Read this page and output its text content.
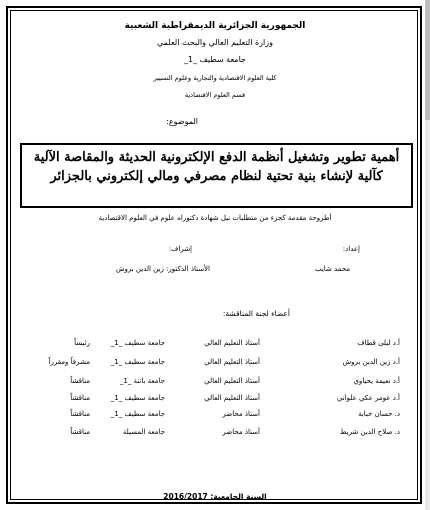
الجمهورية الجزائرية الديمقراطية الشعبية
وزارة التعليم العالي والبحث العلمي
جامعة سطيف _1_
كلية العلوم الاقتصادية والتجارية وعلوم التسيير
قسم العلوم الاقتصادية
الموضوع:
أهمية تطوير وتشغيل أنظمة الدفع الإلكترونية الحديثة والمقاصة الآلية كآلية لإنشاء بنية تحتية لنظام مصرفي ومالي إلكتروني بالجزائر
أطروحة مقدمة كجزء من متطلبات نيل شهادة دكتوراه علوم في العلوم الاقتصادية
إعداد:
إشراف:
محمد شايب
الأستاذ الدكتور: زين الدين بروش
أعضاء لجنة المناقشة:
أ.د ليلى قطاف
أستاذ التعليم العالي
جامعة سطيف _1_
رئيساً
أ.د زين الدين بروش
أستاذ التعليم العالي
جامعة سطيف _1_
مشرفاً ومقرراً
أ.د نعيمة يحياوي
أستاذ التعليم العالي
جامعة باتنة _1_
مناقشاً
أ.د عومر عكي علواني
أستاذ التعليم العالي
جامعة سطيف _1_
مناقشاً
د. حسان خبابة
أستاذ محاضر
جامعة سطيف _1_
مناقشاً
د. صلاح الدين شريط
أستاذ محاضر
جامعة المسيلة
مناقشاً
السنة الجامعية: 2016/2017
